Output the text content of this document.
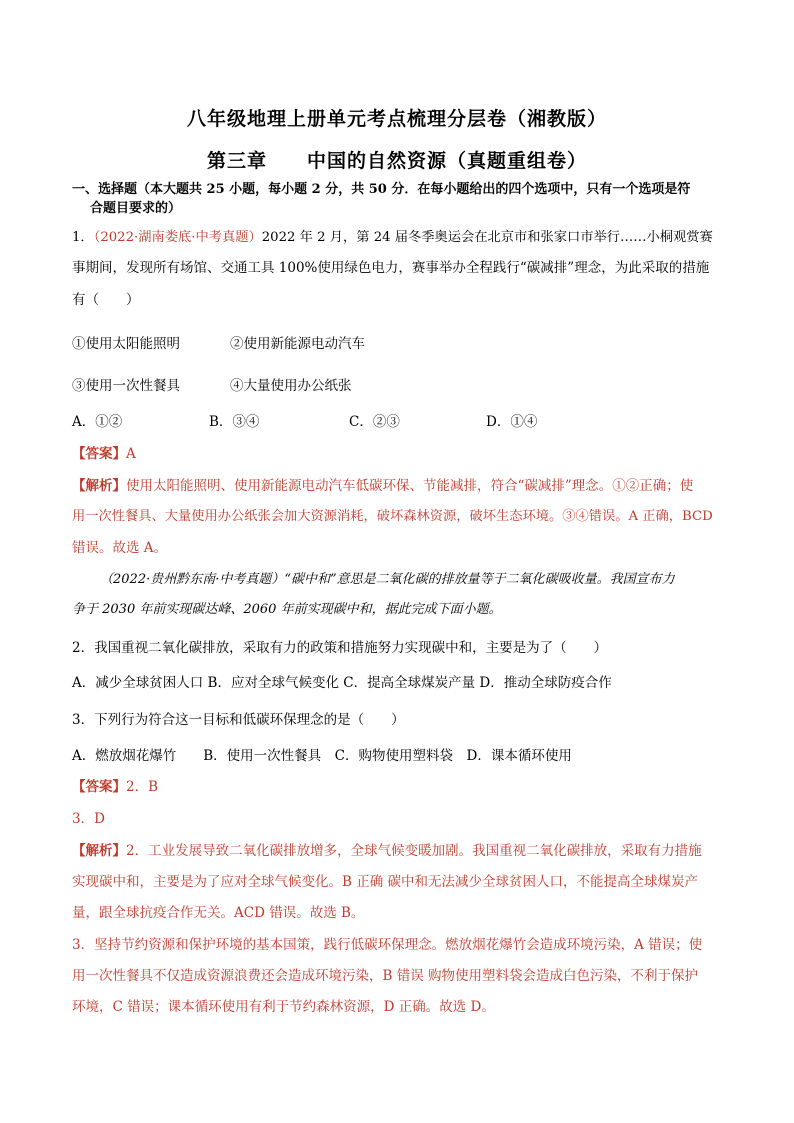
八年级地理上册单元考点梳理分层卷（湘教版）
第三章　　中国的自然资源（真题重组卷）
一、选择题（本大题共 25 小题，每小题 2 分，共 50 分．在每小题给出的四个选项中，只有一个选项是符
合题目要求的）
1．（2022·湖南娄底·中考真题）2022 年 2 月，第 24 届冬季奥运会在北京市和张家口市举行……小桐观赏赛
事期间，发现所有场馆、交通工具 100%使用绿色电力，赛事举办全程践行“碳减排”理念，为此采取的措施
有（　　）
①使用太阳能照明	②使用新能源电动汽车
③使用一次性餐具	④大量使用办公纸张
A．①②	B．③④	C．②③	D．①④
【答案】A
【解析】使用太阳能照明、使用新能源电动汽车低碳环保、节能减排，符合“碳减排”理念。①②正确；使
用一次性餐具、大量使用办公纸张会加大资源消耗，破坏森林资源，破坏生态环境。③④错误。A 正确，BCD
错误。故选 A。
（2022·贵州黔东南·中考真题）“碳中和”意思是二氧化碳的排放量等于二氧化碳吸收量。我国宣布力
争于 2030 年前实现碳达峰、2060 年前实现碳中和，据此完成下面小题。
2．我国重视二氧化碳排放，采取有力的政策和措施努力实现碳中和，主要是为了（　　）
A．减少全球贫困人口 B．应对全球气候变化 C．提高全球煤炭产量 D．推动全球防疫合作
3．下列行为符合这一目标和低碳环保理念的是（　　）
A．燃放烟花爆竹　　B．使用一次性餐具　C．购物使用塑料袋　D．课本循环使用
【答案】2．B
3．D
【解析】2．工业发展导致二氧化碳排放增多，全球气候变暖加剧。我国重视二氧化碳排放，采取有力措施
实现碳中和，主要是为了应对全球气候变化。B 正确 碳中和无法减少全球贫困人口，不能提高全球煤炭产
量，跟全球抗疫合作无关。ACD 错误。故选 B。
3．坚持节约资源和保护环境的基本国策，践行低碳环保理念。燃放烟花爆竹会造成环境污染，A 错误；使
用一次性餐具不仅造成资源浪费还会造成环境污染，B 错误 购物使用塑料袋会造成白色污染，不利于保护
环境，C 错误；课本循环使用有利于节约森林资源，D 正确。故选 D。
